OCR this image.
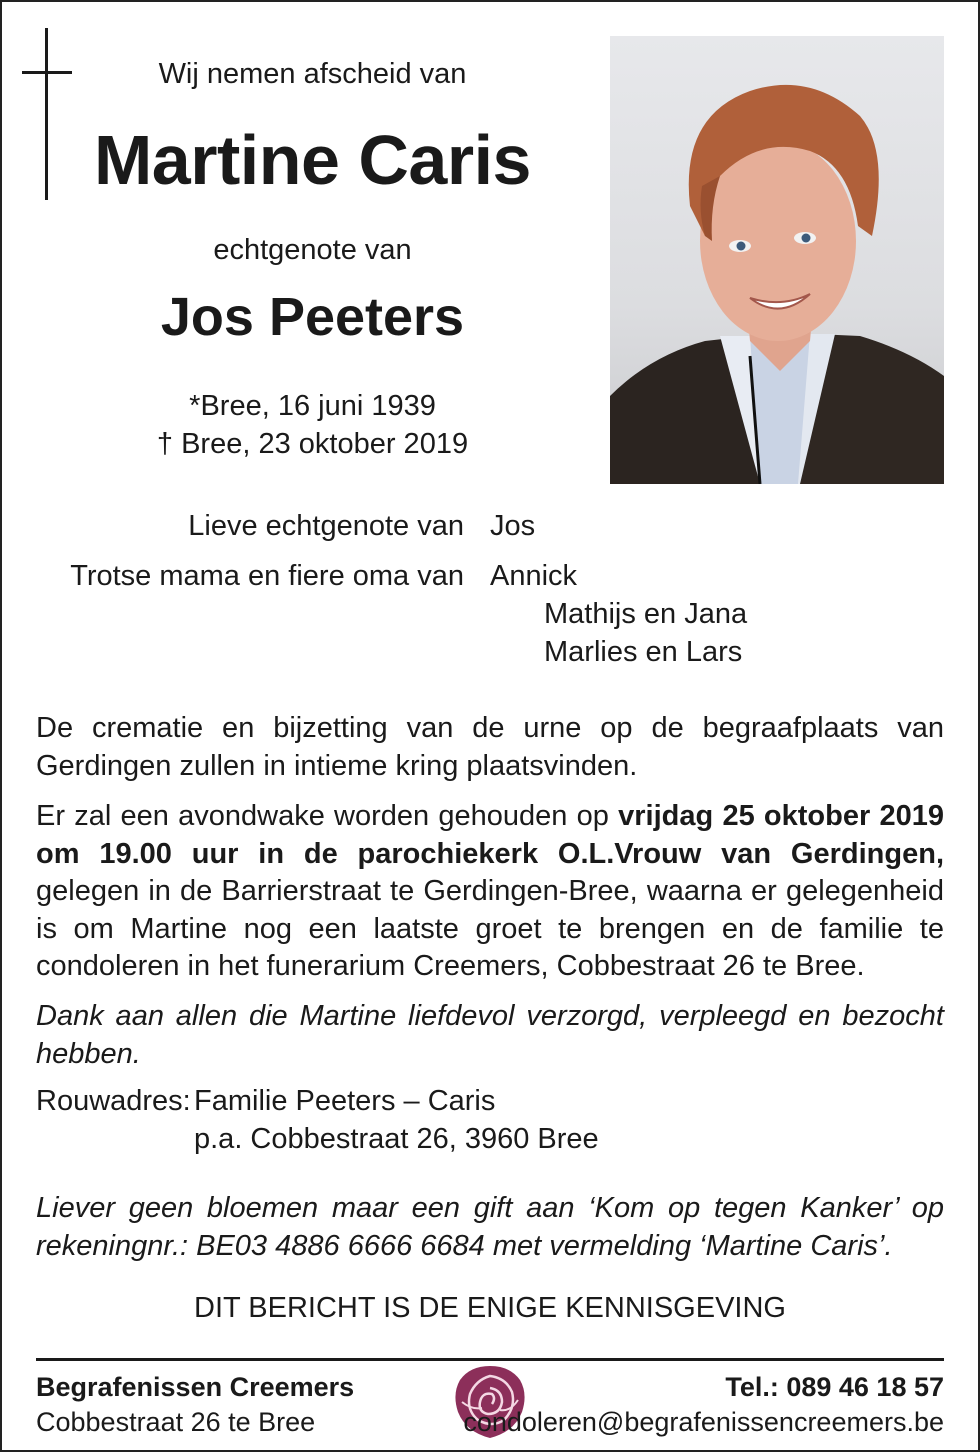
Wij nemen afscheid van
Martine Caris
echtgenote van
Jos Peeters
*Bree, 16 juni 1939
† Bree, 23 oktober 2019
Lieve echtgenote van Jos
Trotse mama en fiere oma van Annick
Mathijs en Jana
Marlies en Lars
De crematie en bijzetting van de urne op de begraafplaats van Gerdingen zullen in intieme kring plaatsvinden.
Er zal een avondwake worden gehouden op vrijdag 25 oktober 2019 om 19.00 uur in de parochiekerk O.L.Vrouw van Gerdingen, gelegen in de Barrierstraat te Gerdingen-Bree, waarna er gelegenheid is om Martine nog een laatste groet te brengen en de familie te condoleren in het funerarium Creemers, Cobbestraat 26 te Bree.
Dank aan allen die Martine liefdevol verzorgd, verpleegd en bezocht hebben.
Rouwadres: Familie Peeters – Caris
p.a. Cobbestraat 26, 3960 Bree
Liever geen bloemen maar een gift aan ‘Kom op tegen Kanker’ op rekeningnr.: BE03 4886 6666 6684 met vermelding ‘Martine Caris’.
DIT BERICHT IS DE ENIGE KENNISGEVING
Begrafenissen Creemers
Cobbestraat 26 te Bree
Tel.: 089 46 18 57
condoleren@begrafenissencreemers.be
